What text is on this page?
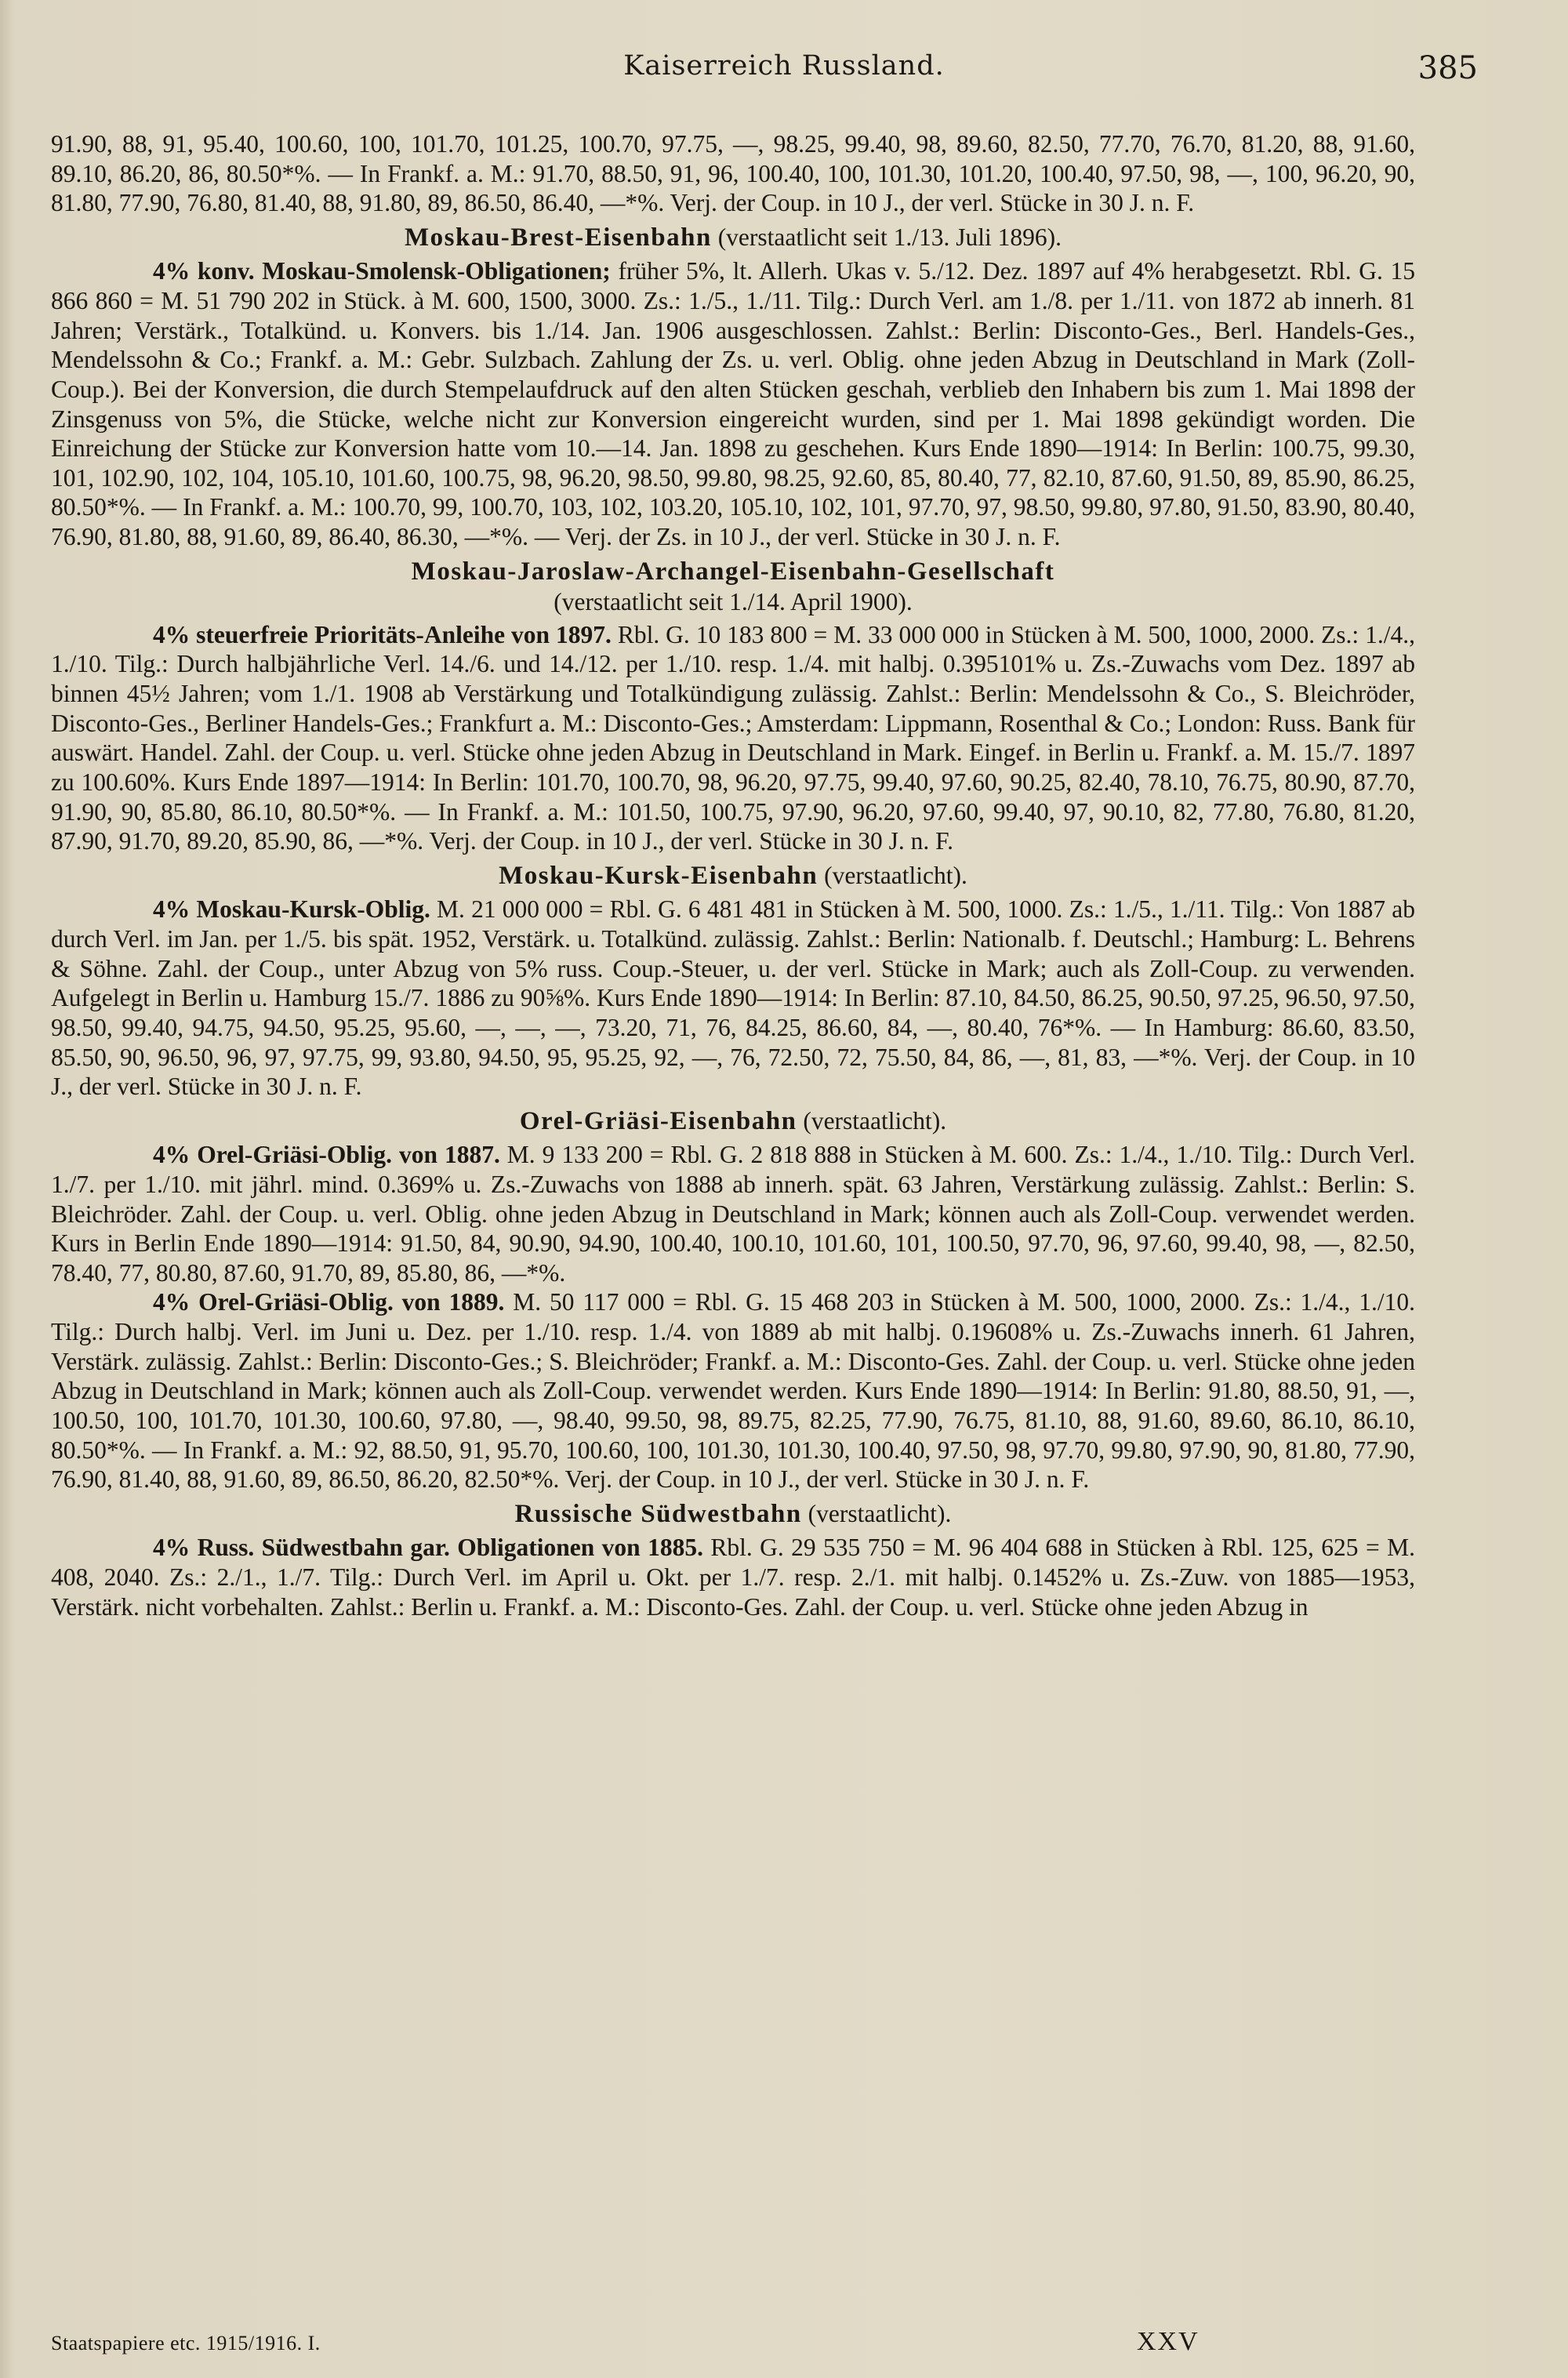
Kaiserreich Russland.	385

91.90, 88, 91, 95.40, 100.60, 100, 101.70, 101.25, 100.70, 97.75, —, 98.25, 99.40, 98, 89.60, 82.50, 77.70, 76.70, 81.20, 88, 91.60, 89.10, 86.20, 86, 80.50*%. — In Frankf. a. M.: 91.70, 88.50, 91, 96, 100.40, 100, 101.30, 101.20, 100.40, 97.50, 98, —, 100, 96.20, 90, 81.80, 77.90, 76.80, 81.40, 88, 91.80, 89, 86.50, 86.40, —*%. Verj. der Coup. in 10 J., der verl. Stücke in 30 J. n. F.

Moskau-Brest-Eisenbahn (verstaatlicht seit 1./13. Juli 1896).

4% konv. Moskau-Smolensk-Obligationen; früher 5%, lt. Allerh. Ukas v. 5./12. Dez. 1897 auf 4% herabgesetzt. Rbl. G. 15 866 860 = M. 51 790 202 in Stück. à M. 600, 1500, 3000. Zs.: 1./5., 1./11. Tilg.: Durch Verl. am 1./8. per 1./11. von 1872 ab innerh. 81 Jahren; Verstärk., Totalkünd. u. Konvers. bis 1./14. Jan. 1906 ausgeschlossen. Zahlst.: Berlin: Disconto-Ges., Berl. Handels-Ges., Mendelssohn & Co.; Frankf. a. M.: Gebr. Sulzbach. Zahlung der Zs. u. verl. Oblig. ohne jeden Abzug in Deutschland in Mark (Zoll-Coup.). Bei der Konversion, die durch Stempelaufdruck auf den alten Stücken geschah, verblieb den Inhabern bis zum 1. Mai 1898 der Zinsgenuss von 5%, die Stücke, welche nicht zur Konversion eingereicht wurden, sind per 1. Mai 1898 gekündigt worden. Die Einreichung der Stücke zur Konversion hatte vom 10.—14. Jan. 1898 zu geschehen. Kurs Ende 1890—1914: In Berlin: 100.75, 99.30, 101, 102.90, 102, 104, 105.10, 101.60, 100.75, 98, 96.20, 98.50, 99.80, 98.25, 92.60, 85, 80.40, 77, 82.10, 87.60, 91.50, 89, 85.90, 86.25, 80.50*%. — In Frankf. a. M.: 100.70, 99, 100.70, 103, 102, 103.20, 105.10, 102, 101, 97.70, 97, 98.50, 99.80, 97.80, 91.50, 83.90, 80.40, 76.90, 81.80, 88, 91.60, 89, 86.40, 86.30, —*%. — Verj. der Zs. in 10 J., der verl. Stücke in 30 J. n. F.

Moskau-Jaroslaw-Archangel-Eisenbahn-Gesellschaft
(verstaatlicht seit 1./14. April 1900).

4% steuerfreie Prioritäts-Anleihe von 1897. Rbl. G. 10 183 800 = M. 33 000 000 in Stücken à M. 500, 1000, 2000. Zs.: 1./4., 1./10. Tilg.: Durch halbjährliche Verl. 14./6. und 14./12. per 1./10. resp. 1./4. mit halbj. 0.395101% u. Zs.-Zuwachs vom Dez. 1897 ab binnen 45½ Jahren; vom 1./1. 1908 ab Verstärkung und Totalkündigung zulässig. Zahlst.: Berlin: Mendelssohn & Co., S. Bleichröder, Disconto-Ges., Berliner Handels-Ges.; Frankfurt a. M.: Disconto-Ges.; Amsterdam: Lippmann, Rosenthal & Co.; London: Russ. Bank für auswärt. Handel. Zahl. der Coup. u. verl. Stücke ohne jeden Abzug in Deutschland in Mark. Eingef. in Berlin u. Frankf. a. M. 15./7. 1897 zu 100.60%. Kurs Ende 1897—1914: In Berlin: 101.70, 100.70, 98, 96.20, 97.75, 99.40, 97.60, 90.25, 82.40, 78.10, 76.75, 80.90, 87.70, 91.90, 90, 85.80, 86.10, 80.50*%. — In Frankf. a. M.: 101.50, 100.75, 97.90, 96.20, 97.60, 99.40, 97, 90.10, 82, 77.80, 76.80, 81.20, 87.90, 91.70, 89.20, 85.90, 86, —*%. Verj. der Coup. in 10 J., der verl. Stücke in 30 J. n. F.

Moskau-Kursk-Eisenbahn (verstaatlicht).

4% Moskau-Kursk-Oblig. M. 21 000 000 = Rbl. G. 6 481 481 in Stücken à M. 500, 1000. Zs.: 1./5., 1./11. Tilg.: Von 1887 ab durch Verl. im Jan. per 1./5. bis spät. 1952, Verstärk. u. Totalkünd. zulässig. Zahlst.: Berlin: Nationalb. f. Deutschl.; Hamburg: L. Behrens & Söhne. Zahl. der Coup., unter Abzug von 5% russ. Coup.-Steuer, u. der verl. Stücke in Mark; auch als Zoll-Coup. zu verwenden. Aufgelegt in Berlin u. Hamburg 15./7. 1886 zu 90⅝%. Kurs Ende 1890—1914: In Berlin: 87.10, 84.50, 86.25, 90.50, 97.25, 96.50, 97.50, 98.50, 99.40, 94.75, 94.50, 95.25, 95.60, —, —, —, 73.20, 71, 76, 84.25, 86.60, 84, —, 80.40, 76*%. — In Hamburg: 86.60, 83.50, 85.50, 90, 96.50, 96, 97, 97.75, 99, 93.80, 94.50, 95, 95.25, 92, —, 76, 72.50, 72, 75.50, 84, 86, —, 81, 83, —*%. Verj. der Coup. in 10 J., der verl. Stücke in 30 J. n. F.

Orel-Griäsi-Eisenbahn (verstaatlicht).

4% Orel-Griäsi-Oblig. von 1887. M. 9 133 200 = Rbl. G. 2 818 888 in Stücken à M. 600. Zs.: 1./4., 1./10. Tilg.: Durch Verl. 1./7. per 1./10. mit jährl. mind. 0.369% u. Zs.-Zuwachs von 1888 ab innerh. spät. 63 Jahren, Verstärkung zulässig. Zahlst.: Berlin: S. Bleichröder. Zahl. der Coup. u. verl. Oblig. ohne jeden Abzug in Deutschland in Mark; können auch als Zoll-Coup. verwendet werden. Kurs in Berlin Ende 1890—1914: 91.50, 84, 90.90, 94.90, 100.40, 100.10, 101.60, 101, 100.50, 97.70, 96, 97.60, 99.40, 98, —, 82.50, 78.40, 77, 80.80, 87.60, 91.70, 89, 85.80, 86, —*%.

4% Orel-Griäsi-Oblig. von 1889. M. 50 117 000 = Rbl. G. 15 468 203 in Stücken à M. 500, 1000, 2000. Zs.: 1./4., 1./10. Tilg.: Durch halbj. Verl. im Juni u. Dez. per 1./10. resp. 1./4. von 1889 ab mit halbj. 0.19608% u. Zs.-Zuwachs innerh. 61 Jahren, Verstärk. zulässig. Zahlst.: Berlin: Disconto-Ges.; S. Bleichröder; Frankf. a. M.: Disconto-Ges. Zahl. der Coup. u. verl. Stücke ohne jeden Abzug in Deutschland in Mark; können auch als Zoll-Coup. verwendet werden. Kurs Ende 1890—1914: In Berlin: 91.80, 88.50, 91, —, 100.50, 100, 101.70, 101.30, 100.60, 97.80, —, 98.40, 99.50, 98, 89.75, 82.25, 77.90, 76.75, 81.10, 88, 91.60, 89.60, 86.10, 86.10, 80.50*%. — In Frankf. a. M.: 92, 88.50, 91, 95.70, 100.60, 100, 101.30, 101.30, 100.40, 97.50, 98, 97.70, 99.80, 97.90, 90, 81.80, 77.90, 76.90, 81.40, 88, 91.60, 89, 86.50, 86.20, 82.50*%. Verj. der Coup. in 10 J., der verl. Stücke in 30 J. n. F.

Russische Südwestbahn (verstaatlicht).

4% Russ. Südwestbahn gar. Obligationen von 1885. Rbl. G. 29 535 750 = M. 96 404 688 in Stücken à Rbl. 125, 625 = M. 408, 2040. Zs.: 2./1., 1./7. Tilg.: Durch Verl. im April u. Okt. per 1./7. resp. 2./1. mit halbj. 0.1452% u. Zs.-Zuw. von 1885—1953, Verstärk. nicht vorbehalten. Zahlst.: Berlin u. Frankf. a. M.: Disconto-Ges. Zahl. der Coup. u. verl. Stücke ohne jeden Abzug in

Staatspapiere etc. 1915/1916. I.	XXV
